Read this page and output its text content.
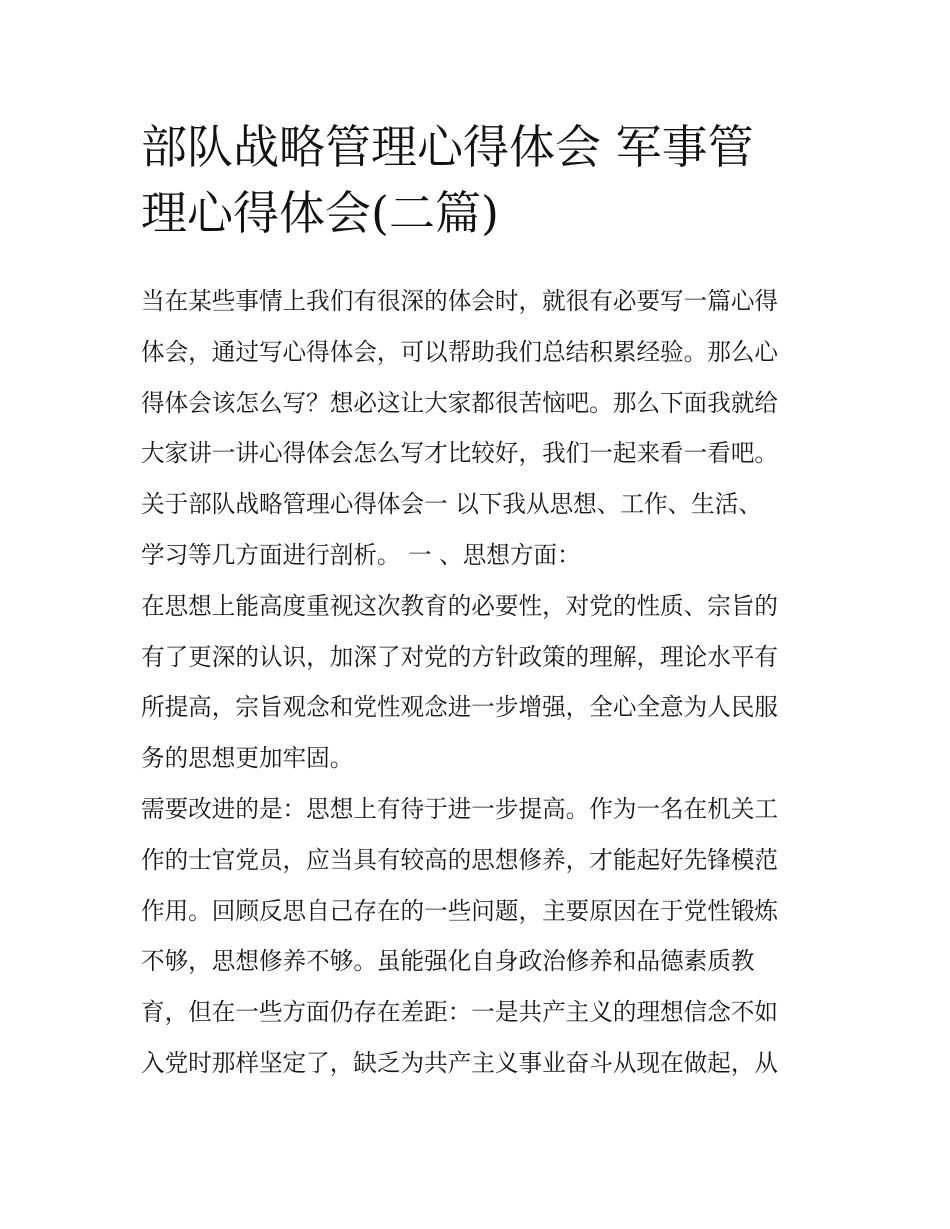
部队战略管理心得体会 军事管
理心得体会(二篇)
当在某些事情上我们有很深的体会时，就很有必要写一篇心得
体会，通过写心得体会，可以帮助我们总结积累经验。那么心
得体会该怎么写？想必这让大家都很苦恼吧。那么下面我就给
大家讲一讲心得体会怎么写才比较好，我们一起来看一看吧。
关于部队战略管理心得体会一 以下我从思想、工作、生活、
学习等几方面进行剖析。 一 、思想方面：
在思想上能高度重视这次教育的必要性，对党的性质、宗旨的
有了更深的认识，加深了对党的方针政策的理解，理论水平有
所提高，宗旨观念和党性观念进一步增强，全心全意为人民服
务的思想更加牢固。
需要改进的是：思想上有待于进一步提高。作为一名在机关工
作的士官党员，应当具有较高的思想修养，才能起好先锋模范
作用。回顾反思自己存在的一些问题，主要原因在于党性锻炼
不够，思想修养不够。虽能强化自身政治修养和品德素质教
育，但在一些方面仍存在差距：一是共产主义的理想信念不如
入党时那样坚定了，缺乏为共产主义事业奋斗从现在做起，从
